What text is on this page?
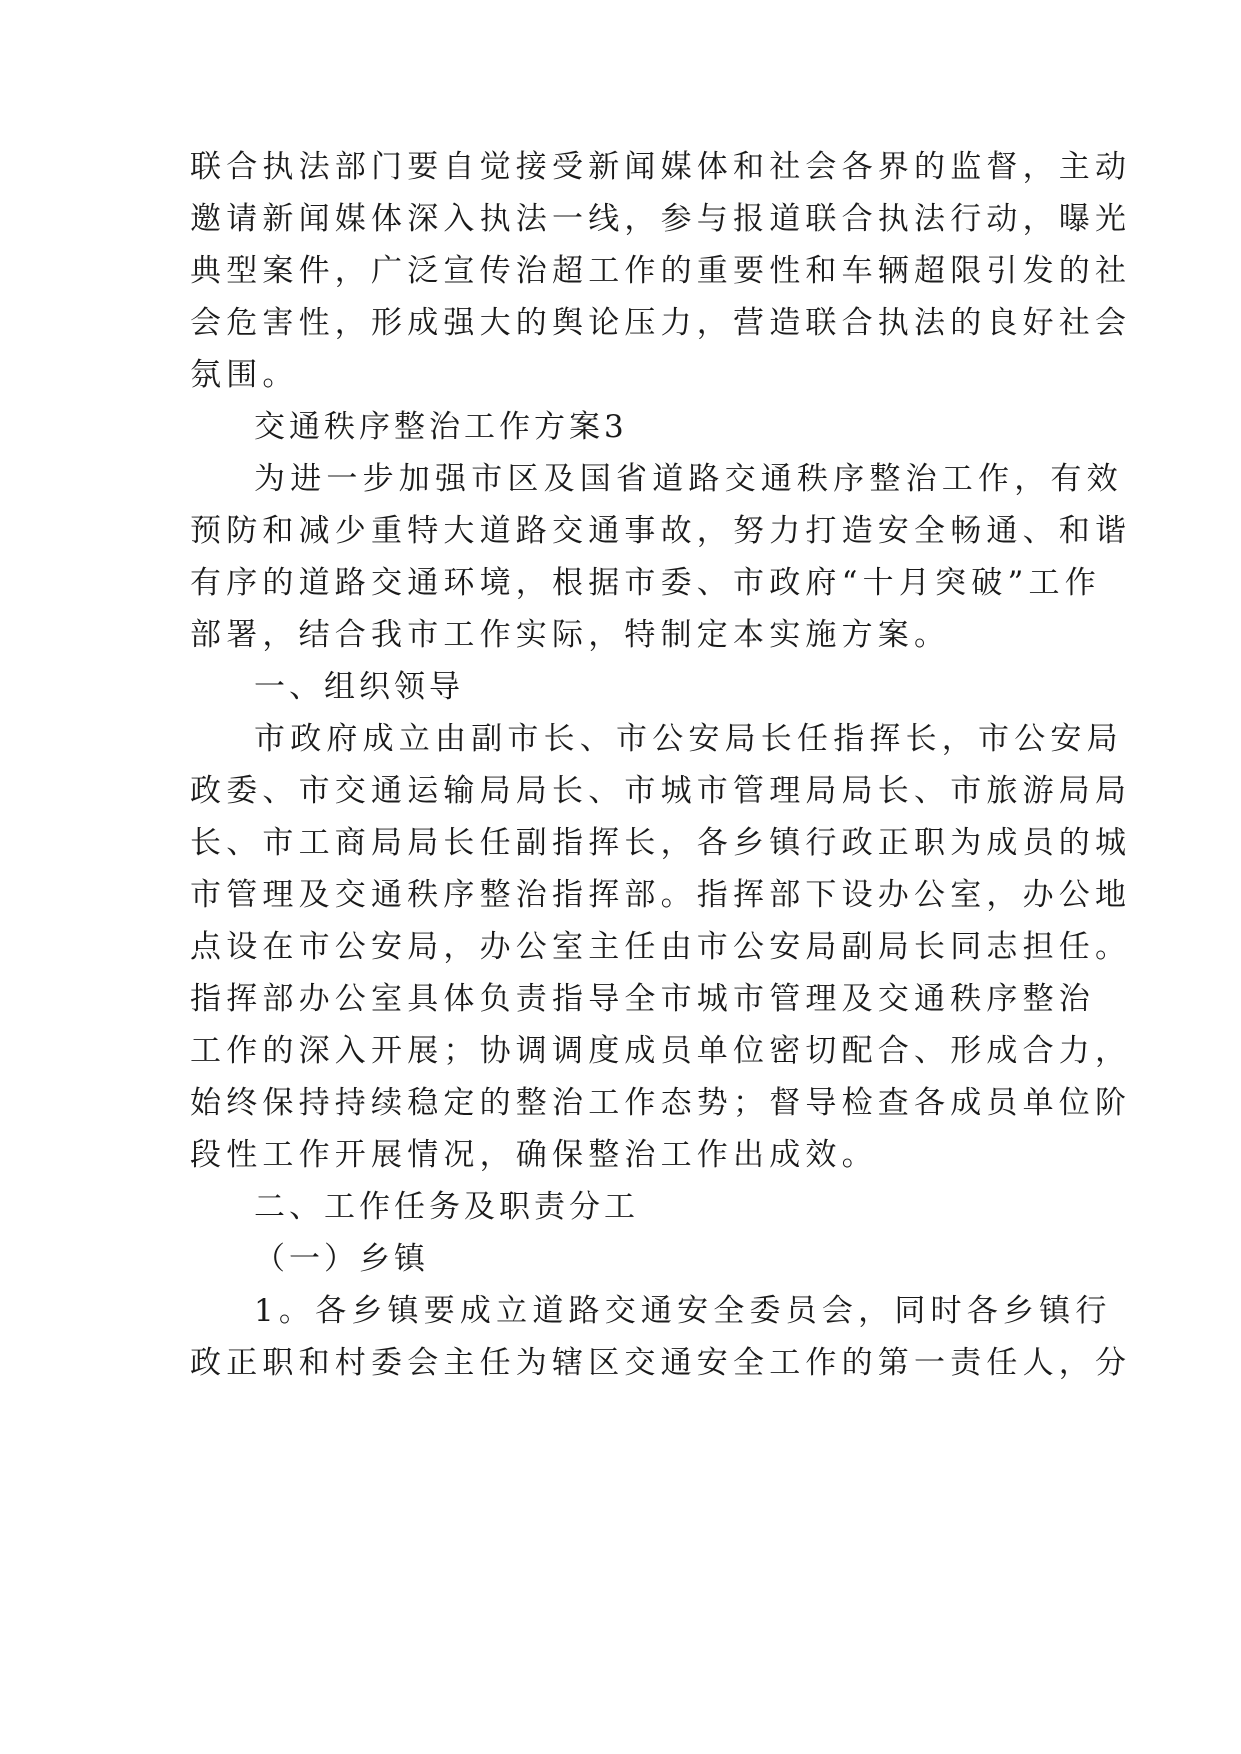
联合执法部门要自觉接受新闻媒体和社会各界的监督，主动
邀请新闻媒体深入执法一线，参与报道联合执法行动，曝光
典型案件，广泛宣传治超工作的重要性和车辆超限引发的社
会危害性，形成强大的舆论压力，营造联合执法的良好社会
氛围。
交通秩序整治工作方案3
为进一步加强市区及国省道路交通秩序整治工作，有效
预防和减少重特大道路交通事故，努力打造安全畅通、和谐
有序的道路交通环境，根据市委、市政府“十月突破”工作
部署，结合我市工作实际，特制定本实施方案。
一、组织领导
市政府成立由副市长、市公安局长任指挥长，市公安局
政委、市交通运输局局长、市城市管理局局长、市旅游局局
长、市工商局局长任副指挥长，各乡镇行政正职为成员的城
市管理及交通秩序整治指挥部。指挥部下设办公室，办公地
点设在市公安局，办公室主任由市公安局副局长同志担任。
指挥部办公室具体负责指导全市城市管理及交通秩序整治
工作的深入开展；协调调度成员单位密切配合、形成合力，
始终保持持续稳定的整治工作态势；督导检查各成员单位阶
段性工作开展情况，确保整治工作出成效。
二、工作任务及职责分工
（一）乡镇
1。各乡镇要成立道路交通安全委员会，同时各乡镇行
政正职和村委会主任为辖区交通安全工作的第一责任人，分
